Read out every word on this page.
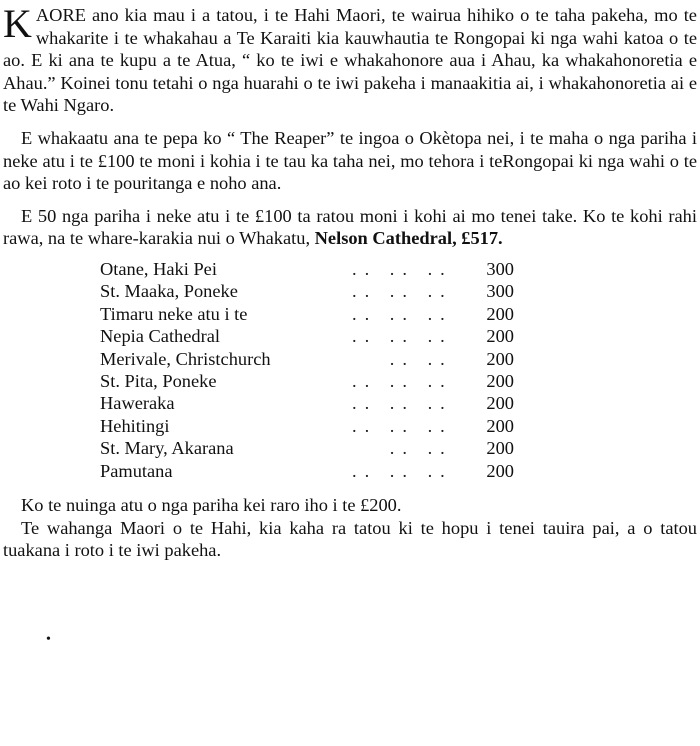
KAORE ano kia mau i a tatou, i te Hahi Maori, te wairua hihiko o te taha pakeha, mo te whakarite i te whakahau a Te Karaiti kia kauwhautia te Rongopai ki nga wahi katoa o te ao. E ki ana te kupu a te Atua, “ ko te iwi e whakahonore aua i Ahau, ka whakahonoretia e Ahau.” Koinei tonu tetahi o nga huarahi o te iwi pakeha i manaakitia ai, i whakahonoretia ai e te Wahi Ngaro.

E whakaatu ana te pepa ko “ The Reaper” te ingoa o Okètopa nei, i te maha o nga pariha i neke atu i te £100 te moni i kohia i te tau ka taha nei, mo tehora i teRongopai ki nga wahi o te ao kei roto i te pouritanga e noho ana.

E 50 nga pariha i neke atu i te £100 ta ratou moni i kohi ai mo tenei take. Ko te kohi rahi rawa, na te whare-karakia nui o Whakatu, Nelson Cathedral, £517.

Otane, Haki Pei .. .. ..	300
St. Maaka, Poneke .. .. ..	300
Timaru neke atu i te .. .. ..	200
Nepia Cathedral .. .. ..	200
Merivale, Christchurch .. ..	200
St. Pita, Poneke .. .. ..	200
Haweraka .. .. ..	200
Hehitingi .. .. ..	200
St. Mary, Akarana .. ..	200
Pamutana .. .. ..	200
•

Ko te nuinga atu o nga pariha kei raro iho i te £200.

Te wahanga Maori o te Hahi, kia kaha ra tatou ki te hopu i tenei tauira pai, a o tatou tuakana i roto i te iwi pakeha.
